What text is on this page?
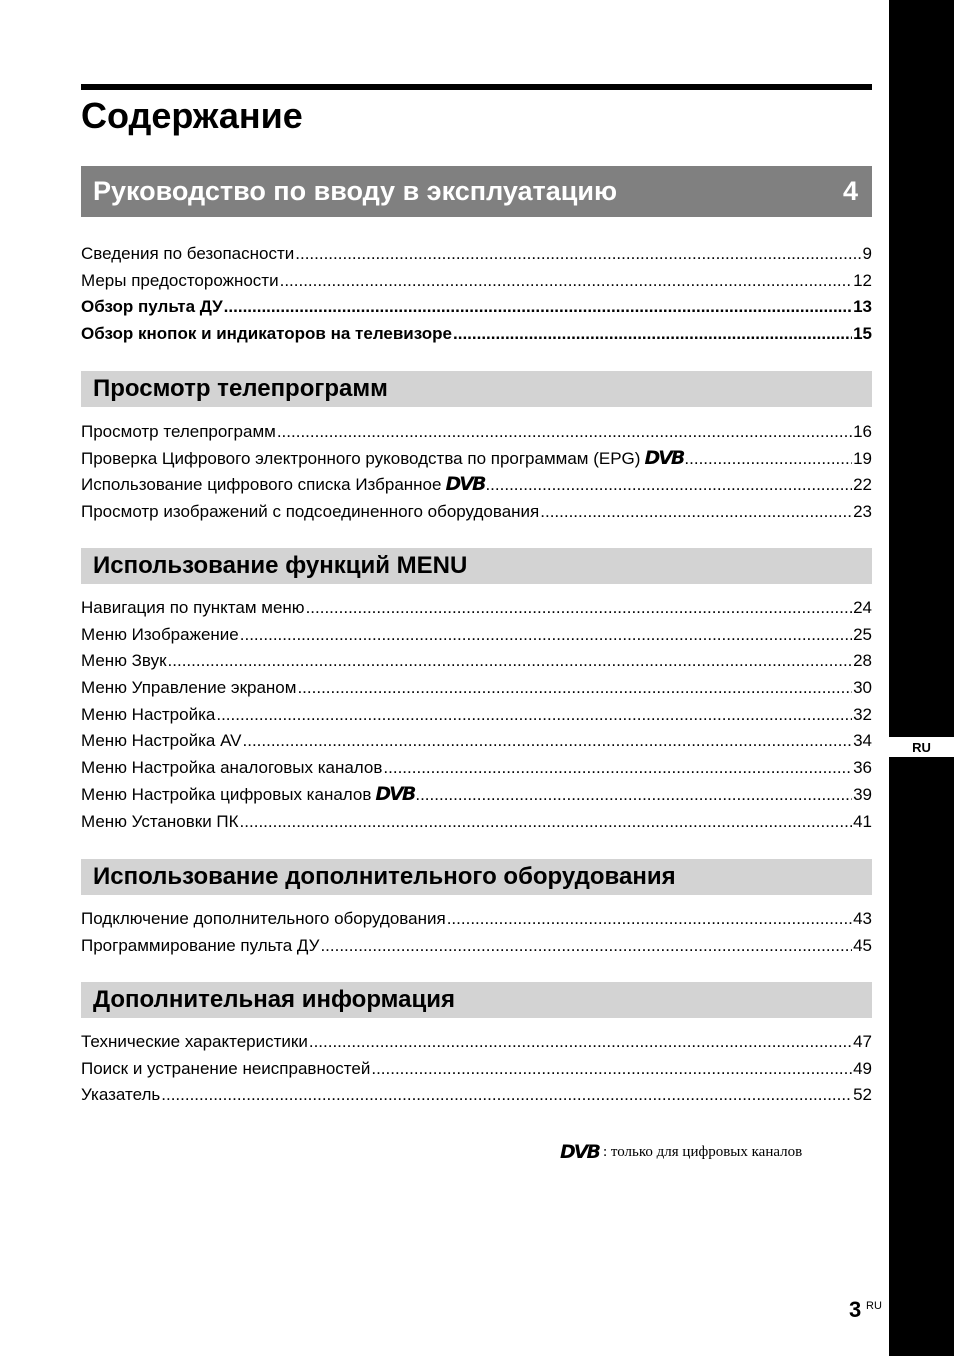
RU
Содержание
Руководство по вводу в эксплуатацию	4
Сведения по безопасности .....	9
Меры предосторожности .....	12
Обзор пульта ДУ .....	13
Обзор кнопок и индикаторов на телевизоре .....	15
Просмотр телепрограмм
Просмотр телепрограмм .....	16
Проверка Цифрового электронного руководства по программам (EPG) DVB .....	19
Использование цифрового списка Избранное DVB .....	22
Просмотр изображений с подсоединенного оборудования .....	23
Использование функций MENU
Навигация по пунктам меню .....	24
Меню Изображение .....	25
Меню Звук .....	28
Меню Управление экраном .....	30
Меню Настройка .....	32
Меню Настройка AV .....	34
Меню Настройка аналоговых каналов .....	36
Меню Настройка цифровых каналов DVB .....	39
Меню Установки ПК .....	41
Использование дополнительного оборудования
Подключение дополнительного оборудования .....	43
Программирование пульта ДУ .....	45
Дополнительная информация
Технические характеристики .....	47
Поиск и устранение неисправностей .....	49
Указатель .....	52
DVB : только для цифровых каналов
3 RU
